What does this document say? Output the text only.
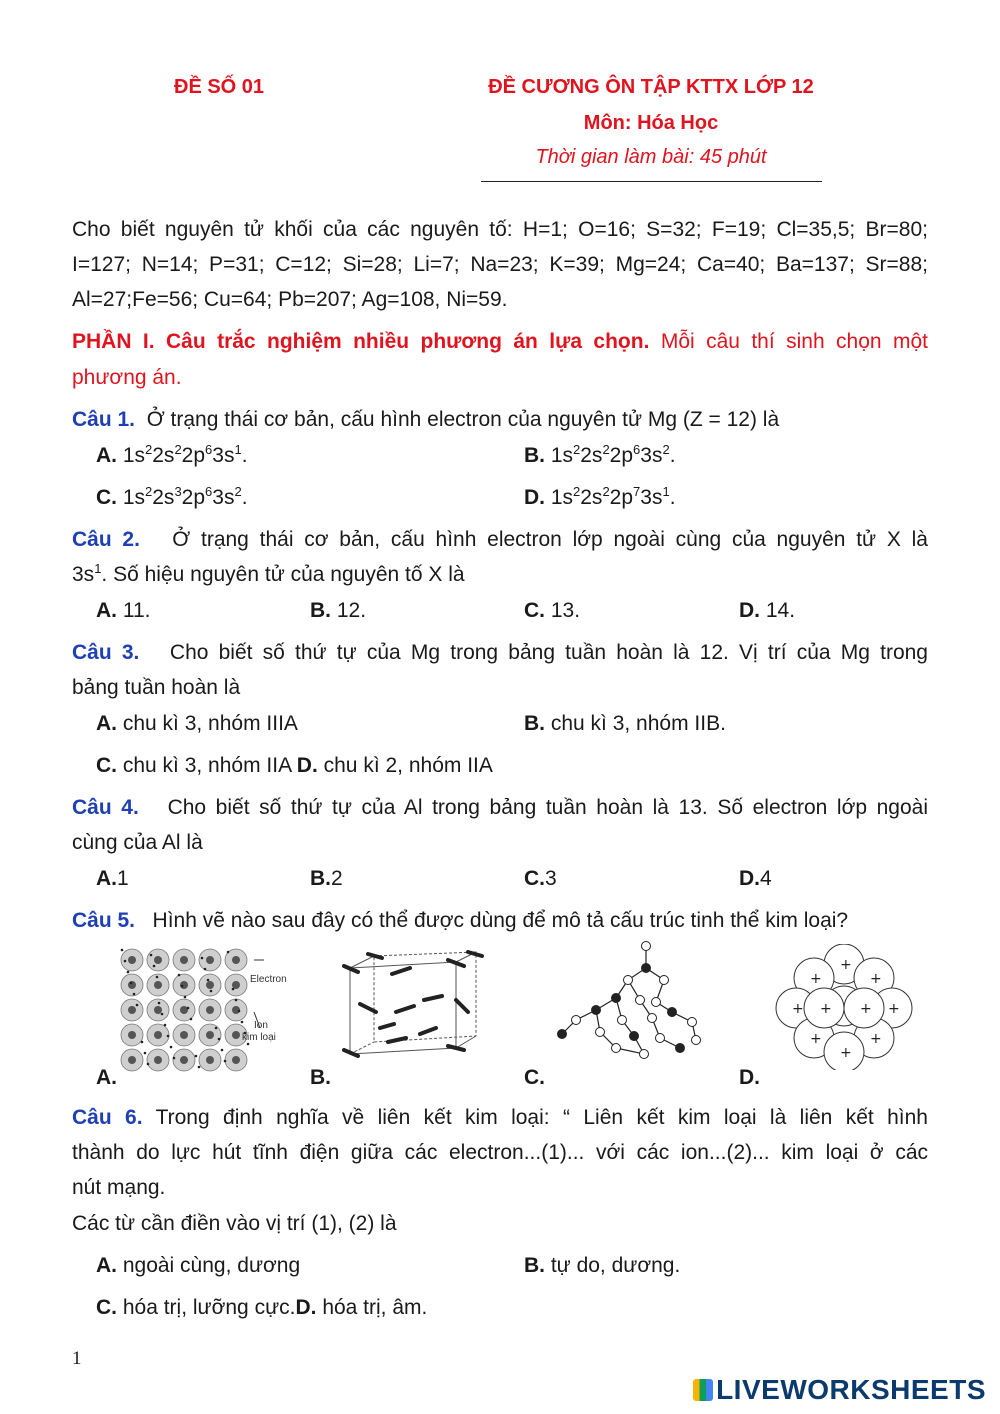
ĐỀ SỐ 01	ĐỀ CƯƠNG ÔN TẬP KTTX LỚP 12
Môn: Hóa Học
Thời gian làm bài: 45 phút
Cho biết nguyên tử khối của các nguyên tố: H=1; O=16; S=32; F=19; Cl=35,5; Br=80;
I=127; N=14; P=31; C=12; Si=28; Li=7; Na=23; K=39; Mg=24; Ca=40; Ba=137; Sr=88;
Al=27;Fe=56; Cu=64; Pb=207; Ag=108, Ni=59.
PHẦN I. Câu trắc nghiệm nhiều phương án lựa chọn. Mỗi câu thí sinh chọn một
phương án.
Câu 1. Ở trạng thái cơ bản, cấu hình electron của nguyên tử Mg (Z = 12) là
A. $1s^22s^22p^63s^1$.	B. $1s^22s^22p^63s^2$.
C. $1s^22s^32p^63s^2$.	D. $1s^22s^22p^73s^1$.
Câu 2. Ở trạng thái cơ bản, cấu hình electron lớp ngoài cùng của nguyên tử X là
$3s^1$. Số hiệu nguyên tử của nguyên tố X là
A. 11.	B. 12.	C. 13.	D. 14.
Câu 3. Cho biết số thứ tự của Mg trong bảng tuần hoàn là 12. Vị trí của Mg trong
bảng tuần hoàn là
A. chu kì 3, nhóm IIIA	B. chu kì 3, nhóm IIB.
C. chu kì 3, nhóm IIA D. chu kì 2, nhóm IIA
Câu 4. Cho biết số thứ tự của Al trong bảng tuần hoàn là 13. Số electron lớp ngoài
cùng của Al là
A.1	B.2	C.3	D.4
Câu 5. Hình vẽ nào sau đây có thể được dùng để mô tả cấu trúc tinh thể kim loại?
Electron
Ion
kim loại
+
+	+
+	+
+	+
+
+ +
A.	B.	C.	D.
Câu 6. Trong định nghĩa về liên kết kim loại: “ Liên kết kim loại là liên kết hình
thành do lực hút tĩnh điện giữa các electron...(1)... với các ion...(2)... kim loại ở các
nút mạng.
Các từ cần điền vào vị trí (1), (2) là
A. ngoài cùng, dương	B. tự do, dương.
C. hóa trị, lưỡng cực.D. hóa trị, âm.
1
LIVEWORKSHEETS
